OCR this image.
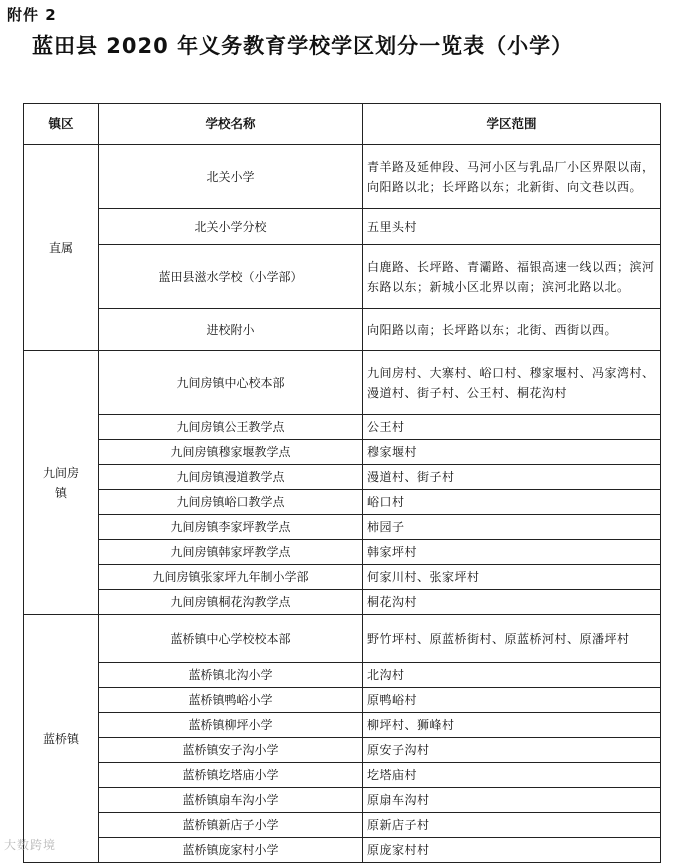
附件 2
蓝田县 2020 年义务教育学校学区划分一览表（小学）
镇区	学校名称	学区范围
直属	北关小学	青羊路及延伸段、马河小区与乳品厂小区界限以南，向阳路以北；长坪路以东；北新街、向文巷以西。
	北关小学分校	五里头村
	蓝田县滋水学校（小学部）	白鹿路、长坪路、青灞路、福银高速一线以西；滨河东路以东；新城小区北界以南；滨河北路以北。
	进校附小	向阳路以南；长坪路以东；北街、西街以西。
九间房镇	九间房镇中心校本部	九间房村、大寨村、峪口村、穆家堰村、冯家湾村、漫道村、街子村、公王村、桐花沟村
	九间房镇公王教学点	公王村
	九间房镇穆家堰教学点	穆家堰村
	九间房镇漫道教学点	漫道村、街子村
	九间房镇峪口教学点	峪口村
	九间房镇李家坪教学点	柿园子
	九间房镇韩家坪教学点	韩家坪村
	九间房镇张家坪九年制小学部	何家川村、张家坪村
	九间房镇桐花沟教学点	桐花沟村
蓝桥镇	蓝桥镇中心学校校本部	野竹坪村、原蓝桥街村、原蓝桥河村、原潘坪村
	蓝桥镇北沟小学	北沟村
	蓝桥镇鸭峪小学	原鸭峪村
	蓝桥镇柳坪小学	柳坪村、狮峰村
	蓝桥镇安子沟小学	原安子沟村
	蓝桥镇圪塔庙小学	圪塔庙村
	蓝桥镇扇车沟小学	原扇车沟村
	蓝桥镇新店子小学	原新店子村
	蓝桥镇庞家村小学	原庞家村村
大数跨境
